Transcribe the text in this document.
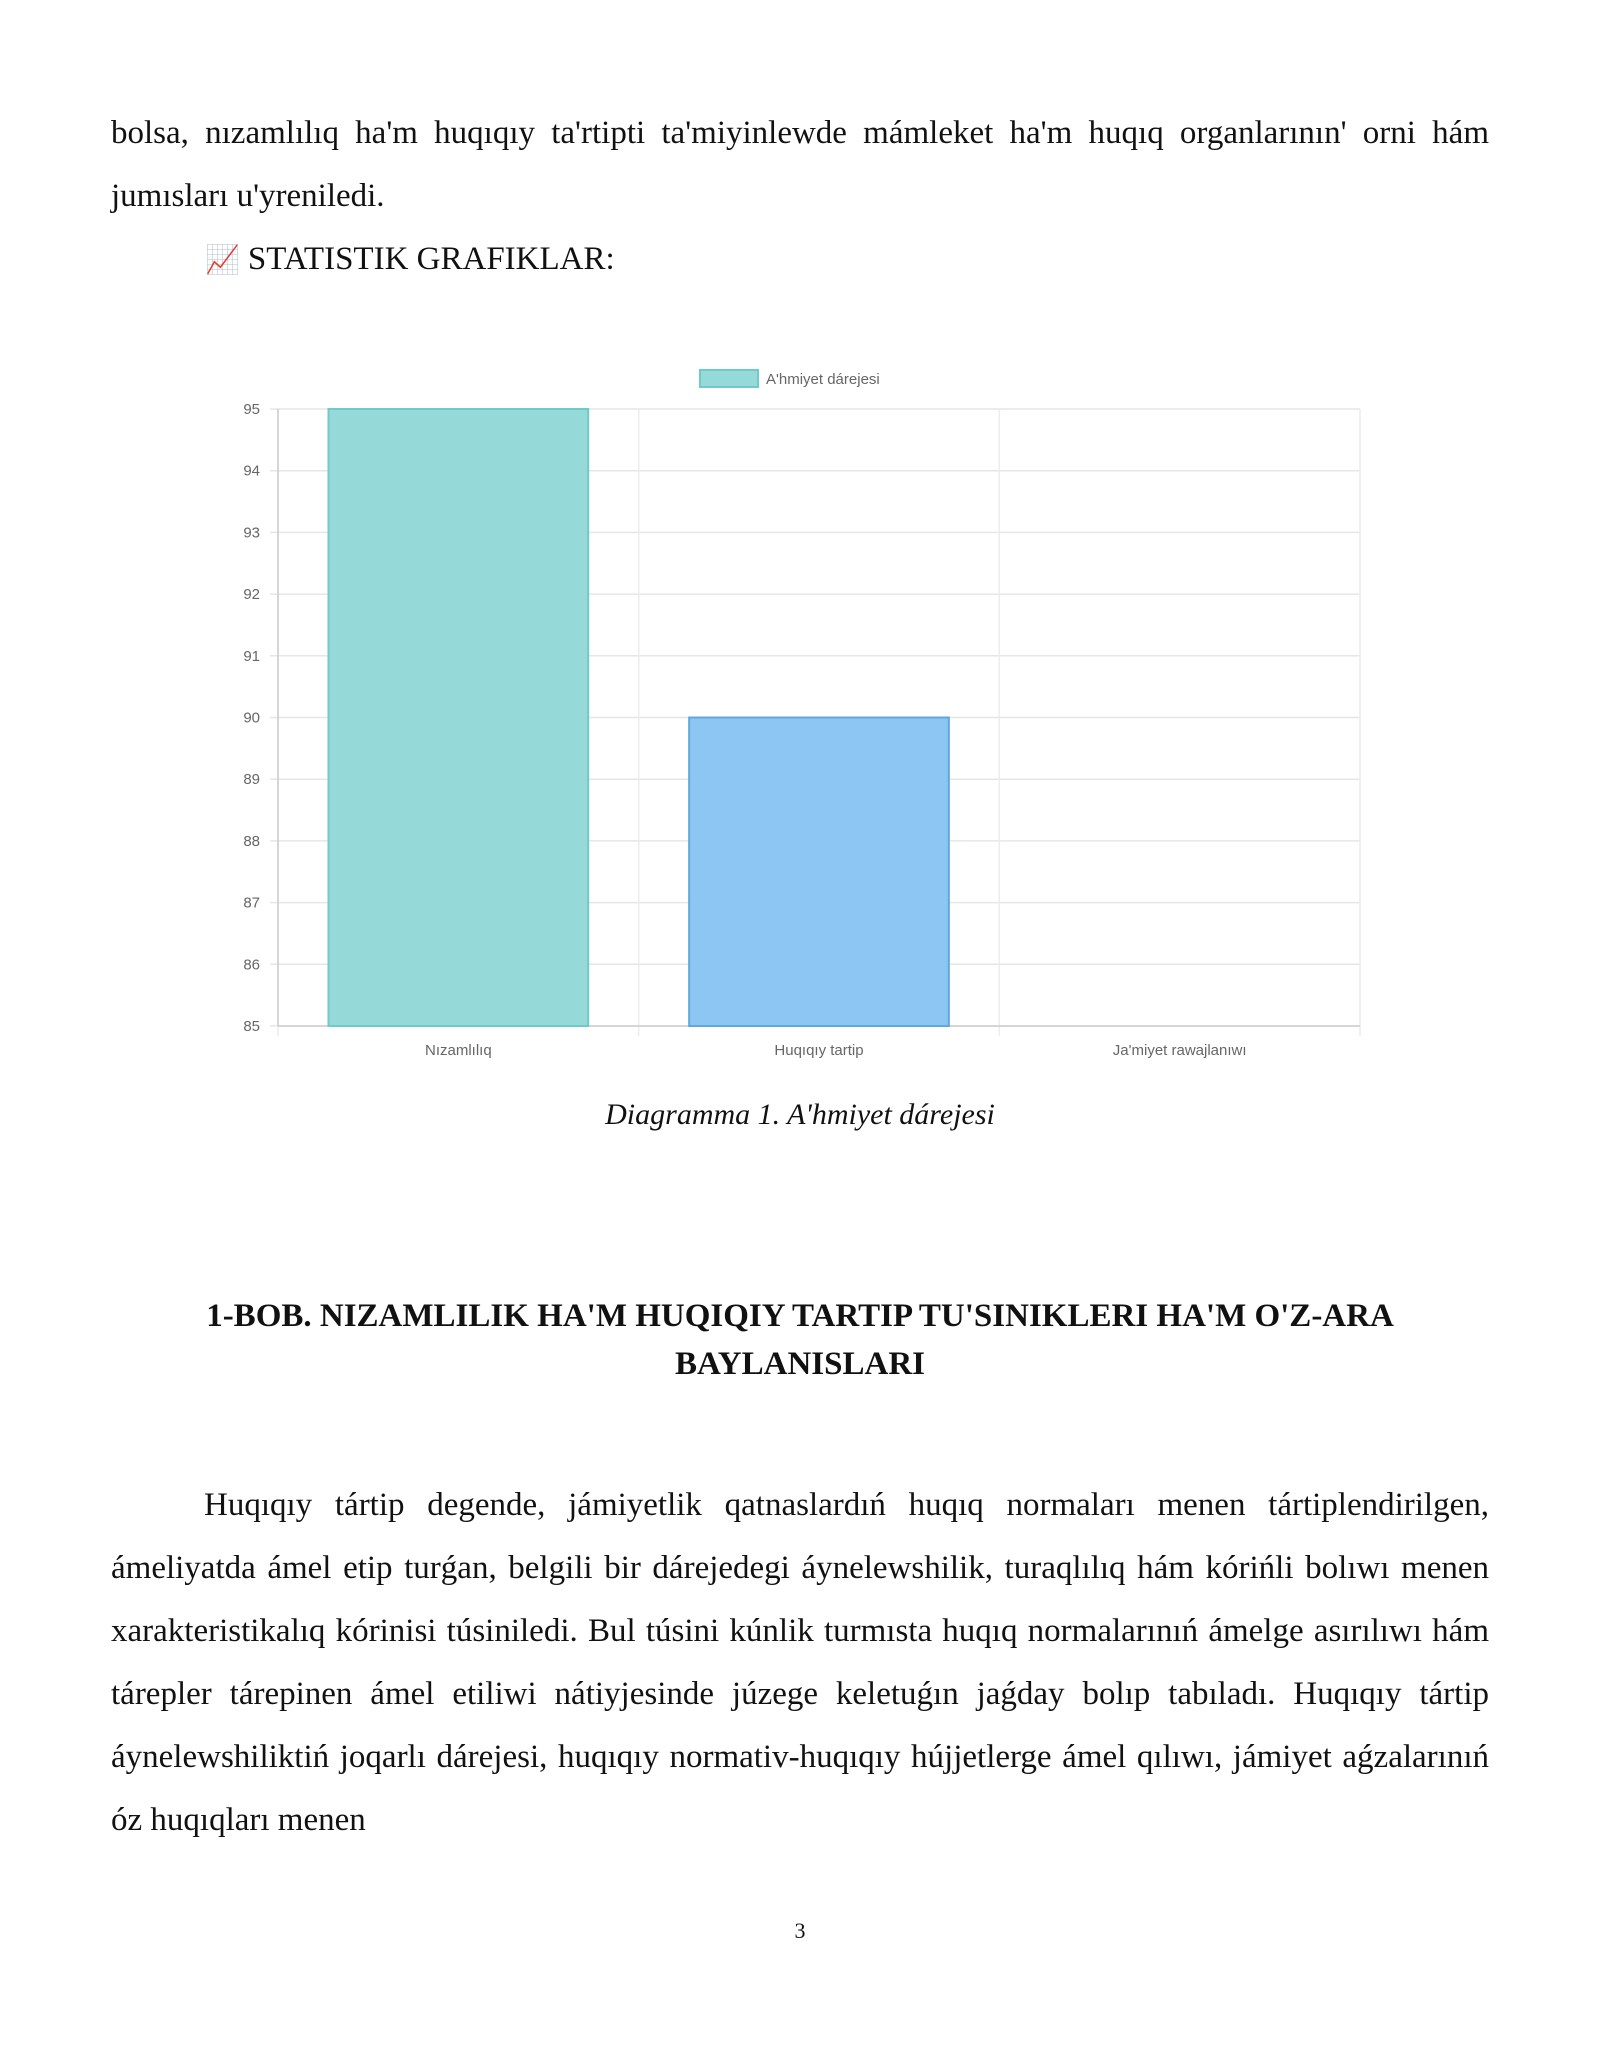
bolsa, nızamlılıq ha'm huqıqıy ta'rtipti ta'miyinlewde mámleket ha'm huqıq organlarının' orni hám jumısları u'yreniledi.

📈 STATISTIK GRAFIKLAR:

85
86
87
88
89
90
91
92
93
94
95
Nızamlılıq	Huqıqıy tartip	Ja'miyet rawajlanıwı
A'hmiyet dárejesi

Diagramma 1. A'hmiyet dárejesi

1-BOB. NIZAMLILIK HA'M HUQIQIY TARTIP TU'SINIKLERI HA'M O'Z-ARA BAYLANISLARI

Huqıqıy tártip degende, jámiyetlik qatnaslardıń huqıq normaları menen tártiplendirilgen, ámeliyatda ámel etip turǵan, belgili bir dárejedegi áynelewshilik, turaqlılıq hám kórińli bolıwı menen xarakteristikalıq kórinisi túsiniledi. Bul túsini kúnlik turmısta huqıq normalarınıń ámelge asırılıwı hám tárepler tárepinen ámel etiliwi nátiyjesinde júzege keletuǵın jaǵday bolıp tabıladı. Huqıqıy tártip áynelewshiliktiń joqarlı dárejesi, huqıqıy normativ-huqıqıy hújjetlerge ámel qılıwı, jámiyet aǵzalarınıń óz huqıqları menen

3
